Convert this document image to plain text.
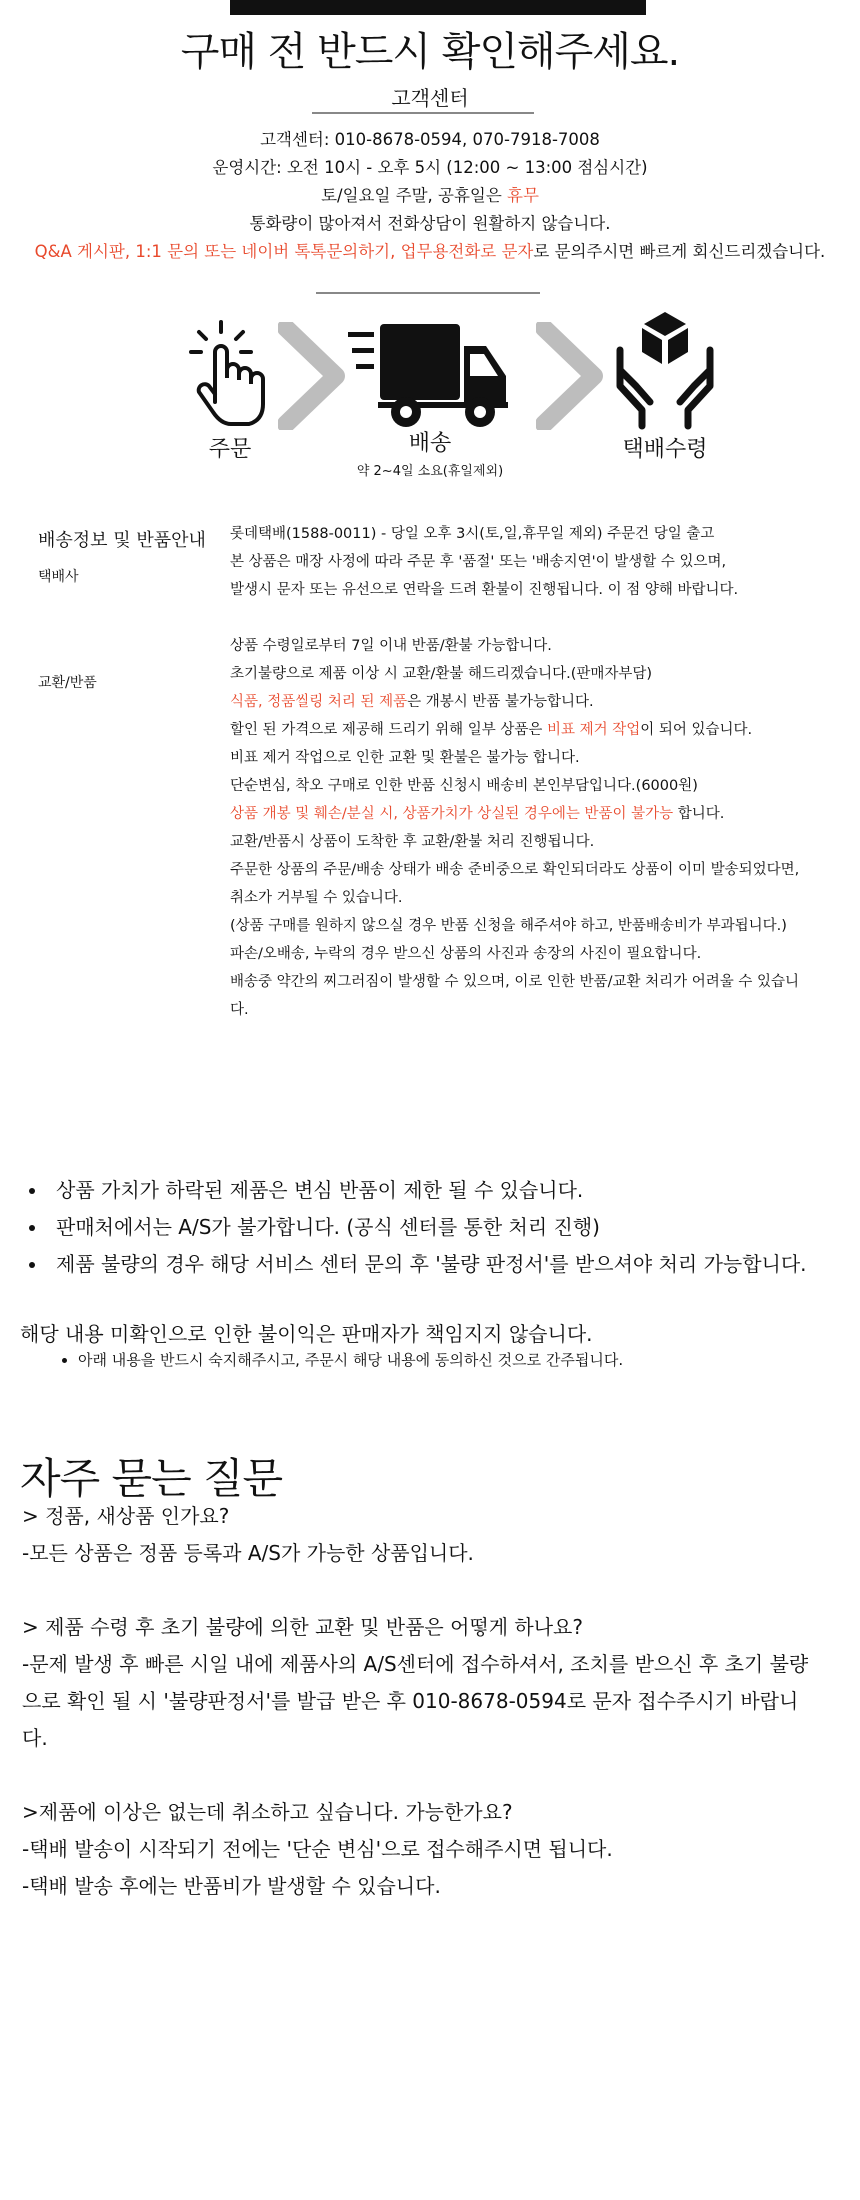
구매 전 반드시 확인해주세요.
고객센터
고객센터: 010-8678-0594, 070-7918-7008
운영시간: 오전 10시 - 오후 5시 (12:00 ~ 13:00 점심시간)
토/일요일 주말, 공휴일은 휴무
통화량이 많아져서 전화상담이 원활하지 않습니다.
Q&A 게시판, 1:1 문의 또는 네이버 톡톡문의하기, 업무용전화로 문자로 문의주시면 빠르게 회신드리겠습니다.
주문	배송
약 2~4일 소요(휴일제외)
택배수령
배송정보 및 반품안내
택배사
교환/반품

롯데택배(1588-0011) - 당일 오후 3시(토,일,휴무일 제외) 주문건 당일 출고

본 상품은 매장 사정에 따라 주문 후 '품절' 또는 '배송지연'이 발생할 수 있으며,

발생시 문자 또는 유선으로 연락을 드려 환불이 진행됩니다. 이 점 양해 바랍니다.

상품 수령일로부터 7일 이내 반품/환불 가능합니다.

초기불량으로 제품 이상 시 교환/환불 해드리겠습니다.(판매자부담)

식품, 정품씰링 처리 된 제품은 개봉시 반품 불가능합니다.

할인 된 가격으로 제공해 드리기 위해 일부 상품은 비표 제거 작업이 되어 있습니다.

비표 제거 작업으로 인한 교환 및 환불은 불가능 합니다.

단순변심, 착오 구매로 인한 반품 신청시 배송비 본인부담입니다.(6000원)

상품 개봉 및 훼손/분실 시, 상품가치가 상실된 경우에는 반품이 불가능 합니다.

교환/반품시 상품이 도착한 후 교환/환불 처리 진행됩니다.

주문한 상품의 주문/배송 상태가 배송 준비중으로 확인되더라도 상품이 이미 발송되었다면,

취소가 거부될 수 있습니다.

(상품 구매를 원하지 않으실 경우 반품 신청을 해주셔야 하고, 반품배송비가 부과됩니다.)

파손/오배송, 누락의 경우 받으신 상품의 사진과 송장의 사진이 필요합니다.

배송중 약간의 찌그러짐이 발생할 수 있으며, 이로 인한 반품/교환 처리가 어려울 수 있습니

다.

• 상품 가치가 하락된 제품은 변심 반품이 제한 될 수 있습니다.
• 판매처에서는 A/S가 불가합니다. (공식 센터를 통한 처리 진행)
• 제품 불량의 경우 해당 서비스 센터 문의 후 '불량 판정서'를 받으셔야 처리 가능합니다.
해당 내용 미확인으로 인한 불이익은 판매자가 책임지지 않습니다.
• 아래 내용을 반드시 숙지해주시고, 주문시 해당 내용에 동의하신 것으로 간주됩니다.
자주 묻는 질문

> 정품, 새상품 인가요?

-모든 상품은 정품 등록과 A/S가 가능한 상품입니다.

> 제품 수령 후 초기 불량에 의한 교환 및 반품은 어떻게 하나요?

-문제 발생 후 빠른 시일 내에 제품사의 A/S센터에 접수하셔서, 조치를 받으신 후 초기 불량

으로 확인 될 시 '불량판정서'를 발급 받은 후 010-8678-0594로 문자 접수주시기 바랍니

다.

>제품에 이상은 없는데 취소하고 싶습니다. 가능한가요?

-택배 발송이 시작되기 전에는 '단순 변심'으로 접수해주시면 됩니다.

-택배 발송 후에는 반품비가 발생할 수 있습니다.
